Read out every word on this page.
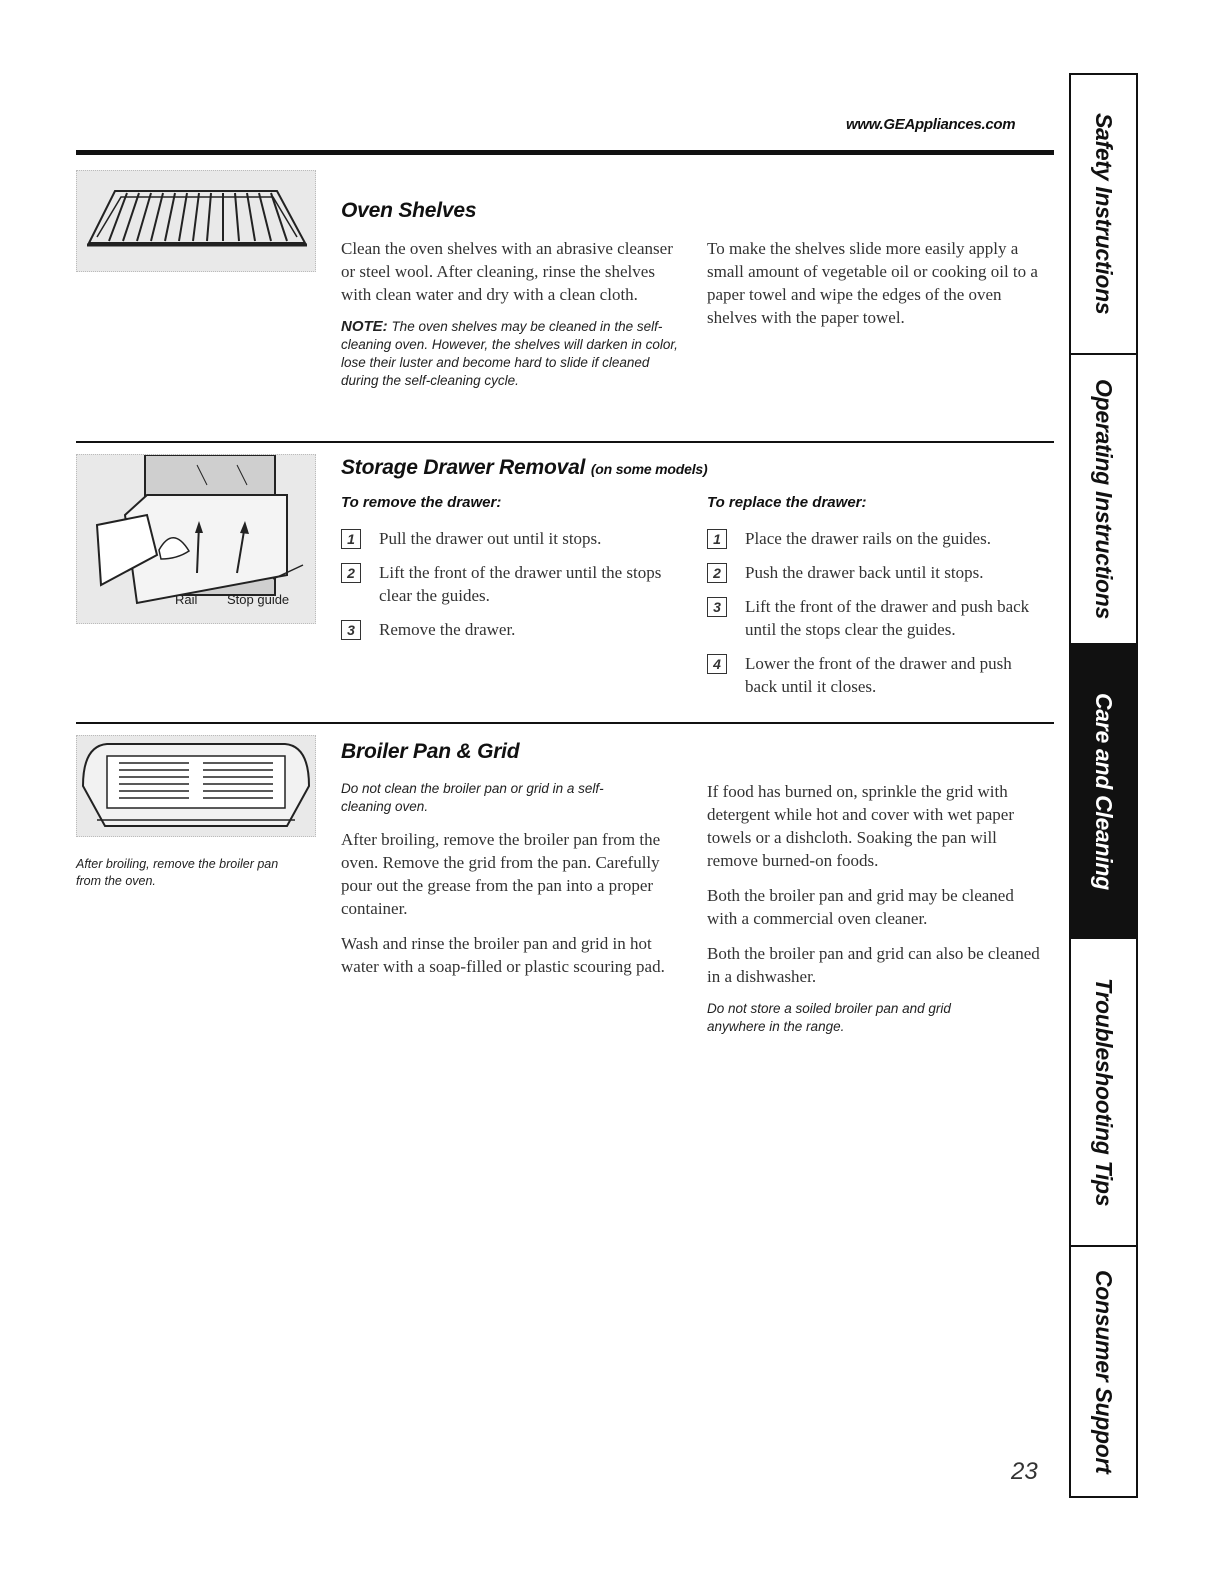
www.GEAppliances.com
Oven Shelves

Clean the oven shelves with an abrasive cleanser or steel wool. After cleaning, rinse the shelves with clean water and dry with a clean cloth.

NOTE: The oven shelves may be cleaned in the self-cleaning oven. However, the shelves will darken in color, lose their luster and become hard to slide if cleaned during the self-cleaning cycle.

To make the shelves slide more easily apply a small amount of vegetable oil or cooking oil to a paper towel and wipe the edges of the oven shelves with the paper towel.

Rail Stop guide
Storage Drawer Removal (on some models)
To remove the drawer:	To replace the drawer:
1	Pull the drawer out until it stops.
2	Lift the front of the drawer until the stops clear the guides.
3	Remove the drawer.
1	Place the drawer rails on the guides.
2	Push the drawer back until it stops.
3	Lift the front of the drawer and push back until the stops clear the guides.
4	Lower the front of the drawer and push back until it closes.
After broiling, remove the broiler pan from the oven.
Broiler Pan & Grid

Do not clean the broiler pan or grid in a self-cleaning oven.

After broiling, remove the broiler pan from the oven. Remove the grid from the pan. Carefully pour out the grease from the pan into a proper container.

Wash and rinse the broiler pan and grid in hot water with a soap-filled or plastic scouring pad.

If food has burned on, sprinkle the grid with detergent while hot and cover with wet paper towels or a dishcloth. Soaking the pan will remove burned-on foods.

Both the broiler pan and grid may be cleaned with a commercial oven cleaner.

Both the broiler pan and grid can also be cleaned in a dishwasher.

Do not store a soiled broiler pan and grid anywhere in the range.

23
Safety Instructions
Operating Instructions
Care and Cleaning
Troubleshooting Tips
Consumer Support
